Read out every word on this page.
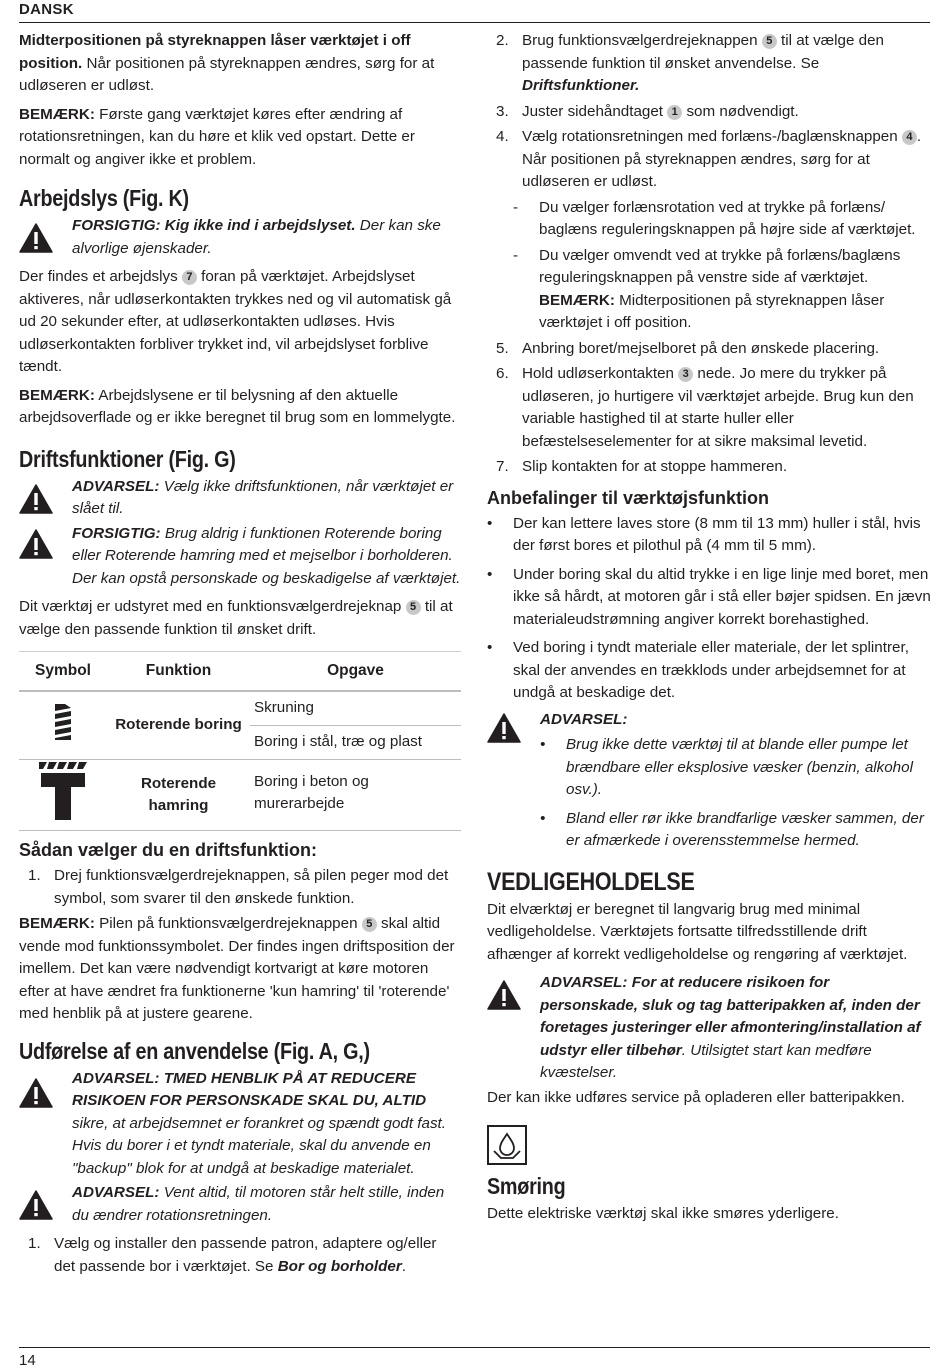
DANSK

Midterpositionen på styreknappen låser værktøjet i off position. Når positionen på styreknappen ændres, sørg for at udløseren er udløst.

BEMÆRK: Første gang værktøjet køres efter ændring af rotationsretningen, kan du høre et klik ved opstart. Dette er normalt og angiver ikke et problem.

Arbejdslys (Fig. K)
FORSIGTIG: Kig ikke ind i arbejdslyset. Der kan ske alvorlige øjenskader.

Der findes et arbejdslys 7 foran på værktøjet. Arbejdslyset aktiveres, når udløserkontakten trykkes ned og vil automatisk gå ud 20 sekunder efter, at udløserkontakten udløses. Hvis udløserkontakten forbliver trykket ind, vil arbejdslyset forblive tændt.

BEMÆRK: Arbejdslysene er til belysning af den aktuelle arbejdsoverflade og er ikke beregnet til brug som en lommelygte.

Driftsfunktioner (Fig. G)
ADVARSEL: Vælg ikke driftsfunktionen, når værktøjet er slået til.
FORSIGTIG: Brug aldrig i funktionen Roterende boring eller Roterende hamring med et mejselbor i borholderen. Der kan opstå personskade og beskadigelse af værktøjet.

Dit værktøj er udstyret med en funktionsvælgerdrejeknap 5 til at vælge den passende funktion til ønsket drift.

Symbol	Funktion	Opgave
	Roterende boring	Skruning
		Boring i stål, træ og plast
	Roterende hamring	Boring i beton og murerarbejde
Sådan vælger du en driftsfunktion:
1. Drej funktionsvælgerdrejeknappen, så pilen peger mod det symbol, som svarer til den ønskede funktion.

BEMÆRK: Pilen på funktionsvælgerdrejeknappen 5 skal altid vende mod funktionssymbolet. Der findes ingen driftsposition der imellem. Det kan være nødvendigt kortvarigt at køre motoren efter at have ændret fra funktionerne 'kun hamring' til 'roterende' med henblik på at justere gearene.

Udførelse af en anvendelse (Fig. A, G,)
ADVARSEL: TMED HENBLIK PÅ AT REDUCERE RISIKOEN FOR PERSONSKADE SKAL DU, ALTID sikre, at arbejdsemnet er forankret og spændt godt fast. Hvis du borer i et tyndt materiale, skal du anvende en "backup" blok for at undgå at beskadige materialet.
ADVARSEL: Vent altid, til motoren står helt stille, inden du ændrer rotationsretningen.
1. Vælg og installer den passende patron, adaptere og/eller det passende bor i værktøjet. Se Bor og borholder.
2. Brug funktionsvælgerdrejeknappen 5 til at vælge den passende funktion til ønsket anvendelse. Se Driftsfunktioner.
3. Juster sidehåndtaget 1 som nødvendigt.
4. Vælg rotationsretningen med forlæns-/baglænsknappen 4 . Når positionen på styreknappen ændres, sørg for at udløseren er udløst.
-	Du vælger forlænsrotation ved at trykke på forlæns/ baglæns reguleringsknappen på højre side af værktøjet.
-	Du vælger omvendt ved at trykke på forlæns/baglæns reguleringsknappen på venstre side af værktøjet.
BEMÆRK: Midterpositionen på styreknappen låser værktøjet i off position.
5. Anbring boret/mejselboret på den ønskede placering.
6. Hold udløserkontakten 3 nede. Jo mere du trykker på udløseren, jo hurtigere vil værktøjet arbejde. Brug kun den variable hastighed til at starte huller eller befæstelseselementer for at sikre maksimal levetid.
7. Slip kontakten for at stoppe hammeren.
Anbefalinger til værktøjsfunktion
•	Der kan lettere laves store (8 mm til 13 mm) huller i stål, hvis der først bores et pilothul på (4 mm til 5 mm).
•	Under boring skal du altid trykke i en lige linje med boret, men ikke så hårdt, at motoren går i stå eller bøjer spidsen. En jævn materialeudstrømning angiver korrekt borehastighed.
•	Ved boring i tyndt materiale eller materiale, der let splintrer, skal der anvendes en trækklods under arbejdsemnet for at undgå at beskadige det.
ADVARSEL:
•	Brug ikke dette værktøj til at blande eller pumpe let brændbare eller eksplosive væsker (benzin, alkohol osv.).
•	Bland eller rør ikke brandfarlige væsker sammen, der er afmærkede i overensstemmelse hermed.
VEDLIGEHOLDELSE

Dit elværktøj er beregnet til langvarig brug med minimal vedligeholdelse. Værktøjets fortsatte tilfredsstillende drift afhænger af korrekt vedligeholdelse og rengøring af værktøjet.

ADVARSEL: For at reducere risikoen for personskade, sluk og tag batteripakken af, inden der foretages justeringer eller afmontering/installation af udstyr eller tilbehør. Utilsigtet start kan medføre kvæstelser.

Der kan ikke udføres service på opladeren eller batteripakken.

Smøring

Dette elektriske værktøj skal ikke smøres yderligere.

14
